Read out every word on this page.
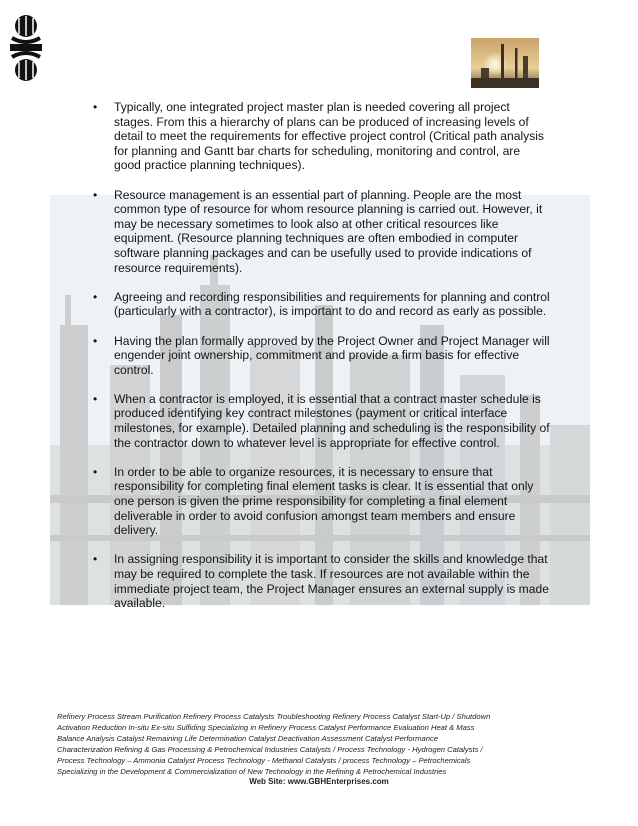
• Typically, one integrated project master plan is needed covering all project stages. From this a hierarchy of plans can be produced of increasing levels of detail to meet the requirements for effective project control (Critical path analysis for planning and Gantt bar charts for scheduling, monitoring and control, are good practice planning techniques).
• Resource management is an essential part of planning. People are the most common type of resource for whom resource planning is carried out. However, it may be necessary sometimes to look also at other critical resources like equipment. (Resource planning techniques are often embodied in computer software planning packages and can be usefully used to provide indications of resource requirements).
• Agreeing and recording responsibilities and requirements for planning and control (particularly with a contractor), is important to do and record as early as possible.
• Having the plan formally approved by the Project Owner and Project Manager will engender joint ownership, commitment and provide a firm basis for effective control.
• When a contractor is employed, it is essential that a contract master schedule is produced identifying key contract milestones (payment or critical interface milestones, for example). Detailed planning and scheduling is the responsibility of the contractor down to whatever level is appropriate for effective control.
• In order to be able to organize resources, it is necessary to ensure that responsibility for completing final element tasks is clear. It is essential that only one person is given the prime responsibility for completing a final element deliverable in order to avoid confusion amongst team members and ensure delivery.
• In assigning responsibility it is important to consider the skills and knowledge that may be required to complete the task. If resources are not available within the immediate project team, the Project Manager ensures an external supply is made available.
Refinery Process Stream Purification Refinery Process Catalysts Troubleshooting Refinery Process Catalyst Start-Up / Shutdown
Activation Reduction In-situ Ex-situ Sulfiding Specializing in Refinery Process Catalyst Performance Evaluation Heat & Mass
Balance Analysis Catalyst Remaining Life Determination Catalyst Deactivation Assessment Catalyst Performance
Characterization Refining & Gas Processing & Petrochemical Industries Catalysts / Process Technology - Hydrogen Catalysts /
Process Technology – Ammonia Catalyst Process Technology - Methanol Catalysts / process Technology – Petrochemicals
Specializing in the Development & Commercialization of New Technology in the Refining & Petrochemical Industries
Web Site: www.GBHEnterprises.com
